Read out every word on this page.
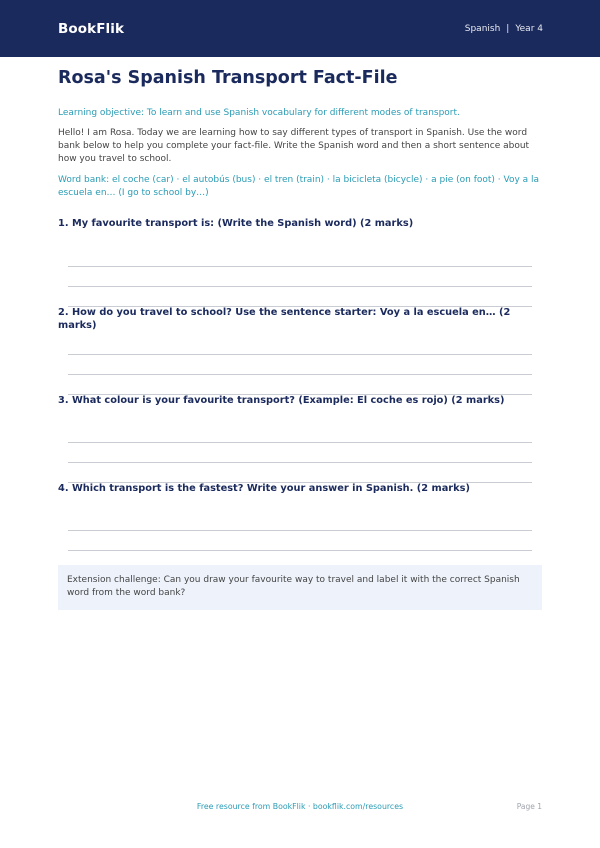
BookFlik	Spanish | Year 4
Rosa's Spanish Transport Fact-File

Learning objective: To learn and use Spanish vocabulary for different modes of transport.

Hello! I am Rosa. Today we are learning how to say different types of transport in Spanish. Use the word bank below to help you complete your fact-file. Write the Spanish word and then a short sentence about how you travel to school.

Word bank: el coche (car) · el autobús (bus) · el tren (train) · la bicicleta (bicycle) · a pie (on foot) · Voy a la escuela en… (I go to school by…)

1. My favourite transport is: (Write the Spanish word) (2 marks)
2. How do you travel to school? Use the sentence starter: Voy a la escuela en… (2 marks)
3. What colour is your favourite transport? (Example: El coche es rojo) (2 marks)
4. Which transport is the fastest? Write your answer in Spanish. (2 marks)
Extension challenge: Can you draw your favourite way to travel and label it with the correct Spanish word from the word bank?
Free resource from BookFlik · bookflik.com/resources	Page 1
